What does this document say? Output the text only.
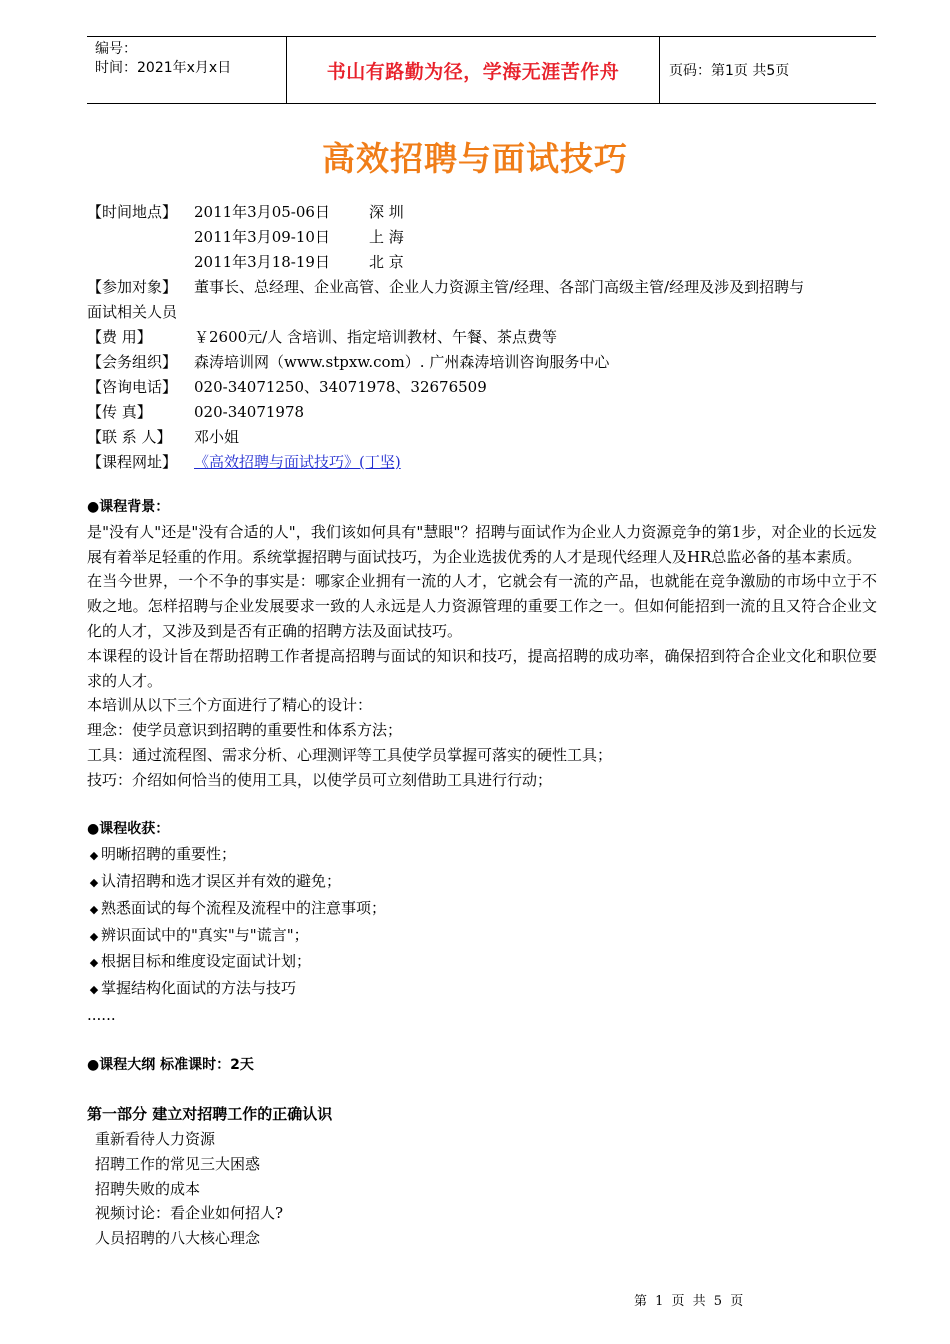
编号：
时间：2021年x月x日	书山有路勤为径，学海无涯苦作舟	页码：第1页 共5页
高效招聘与面试技巧
【时间地点】	2011年3月05-06日	深 圳
2011年3月09-10日	上 海
2011年3月18-19日	北 京
【参加对象】	董事长、总经理、企业高管、企业人力资源主管/经理、各部门高级主管/经理及涉及到招聘与
面试相关人员
【费 用】	￥2600元/人 含培训、指定培训教材、午餐、茶点费等
【会务组织】	森涛培训网（www.stpxw.com）. 广州森涛培训咨询服务中心
【咨询电话】	020-34071250、34071978、32676509
【传 真】	020-34071978
【联 系 人】	邓小姐
【课程网址】	《高效招聘与面试技巧》(丁坚)
●课程背景：
是"没有人"还是"没有合适的人"，我们该如何具有"慧眼"？招聘与面试作为企业人力资源竞争的第1步，对企业的长远发展有着举足轻重的作用。系统掌握招聘与面试技巧，为企业选拔优秀的人才是现代经理人及HR总监必备的基本素质。
在当今世界，一个不争的事实是：哪家企业拥有一流的人才，它就会有一流的产品，也就能在竞争激励的市场中立于不败之地。怎样招聘与企业发展要求一致的人永远是人力资源管理的重要工作之一。但如何能招到一流的且又符合企业文化的人才，又涉及到是否有正确的招聘方法及面试技巧。
本课程的设计旨在帮助招聘工作者提高招聘与面试的知识和技巧，提高招聘的成功率，确保招到符合企业文化和职位要求的人才。
本培训从以下三个方面进行了精心的设计：
理念：使学员意识到招聘的重要性和体系方法；
工具：通过流程图、需求分析、心理测评等工具使学员掌握可落实的硬性工具；
技巧：介绍如何恰当的使用工具，以使学员可立刻借助工具进行行动；
●课程收获：
◆ 明晰招聘的重要性；
◆ 认清招聘和选才误区并有效的避免；
◆ 熟悉面试的每个流程及流程中的注意事项；
◆ 辨识面试中的"真实"与"谎言"；
◆ 根据目标和维度设定面试计划；
◆ 掌握结构化面试的方法与技巧
......
●课程大纲 标准课时：2天
第一部分 建立对招聘工作的正确认识
重新看待人力资源
招聘工作的常见三大困惑
招聘失败的成本
视频讨论：看企业如何招人?
人员招聘的八大核心理念
第 1 页 共 5 页
